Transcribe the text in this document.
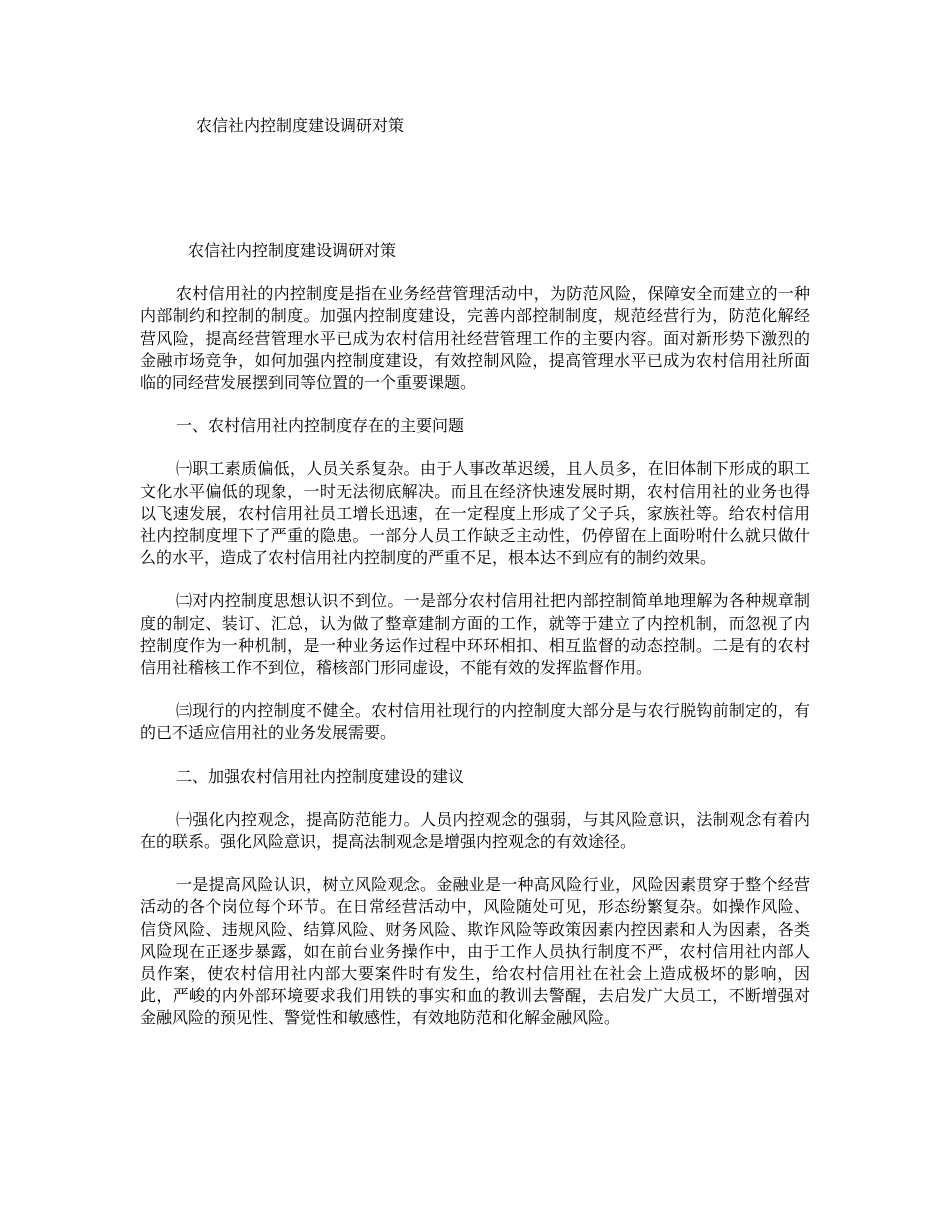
农信社内控制度建设调研对策
农信社内控制度建设调研对策

农村信用社的内控制度是指在业务经营管理活动中，为防范风险，保障安全而建立的一种内部制约和控制的制度。加强内控制度建设，完善内部控制制度，规范经营行为，防范化解经营风险，提高经营管理水平已成为农村信用社经营管理工作的主要内容。面对新形势下激烈的金融市场竞争，如何加强内控制度建设，有效控制风险，提高管理水平已成为农村信用社所面临的同经营发展摆到同等位置的一个重要课题。

一、农村信用社内控制度存在的主要问题

㈠职工素质偏低，人员关系复杂。由于人事改革迟缓，且人员多，在旧体制下形成的职工文化水平偏低的现象，一时无法彻底解决。而且在经济快速发展时期，农村信用社的业务也得以飞速发展，农村信用社员工增长迅速，在一定程度上形成了父子兵，家族社等。给农村信用社内控制度埋下了严重的隐患。一部分人员工作缺乏主动性，仍停留在上面吩咐什么就只做什么的水平，造成了农村信用社内控制度的严重不足，根本达不到应有的制约效果。

㈡对内控制度思想认识不到位。一是部分农村信用社把内部控制简单地理解为各种规章制度的制定、装订、汇总，认为做了整章建制方面的工作，就等于建立了内控机制，而忽视了内控制度作为一种机制，是一种业务运作过程中环环相扣、相互监督的动态控制。二是有的农村信用社稽核工作不到位，稽核部门形同虚设，不能有效的发挥监督作用。

㈢现行的内控制度不健全。农村信用社现行的内控制度大部分是与农行脱钩前制定的，有的已不适应信用社的业务发展需要。

二、加强农村信用社内控制度建设的建议

㈠强化内控观念，提高防范能力。人员内控观念的强弱，与其风险意识，法制观念有着内在的联系。强化风险意识，提高法制观念是增强内控观念的有效途径。

一是提高风险认识，树立风险观念。金融业是一种高风险行业，风险因素贯穿于整个经营活动的各个岗位每个环节。在日常经营活动中，风险随处可见，形态纷繁复杂。如操作风险、信贷风险、违规风险、结算风险、财务风险、欺诈风险等政策因素内控因素和人为因素，各类风险现在正逐步暴露，如在前台业务操作中，由于工作人员执行制度不严，农村信用社内部人员作案，使农村信用社内部大要案件时有发生，给农村信用社在社会上造成极坏的影响，因此，严峻的内外部环境要求我们用铁的事实和血的教训去警醒，去启发广大员工，不断增强对金融风险的预见性、警觉性和敏感性，有效地防范和化解金融风险。
